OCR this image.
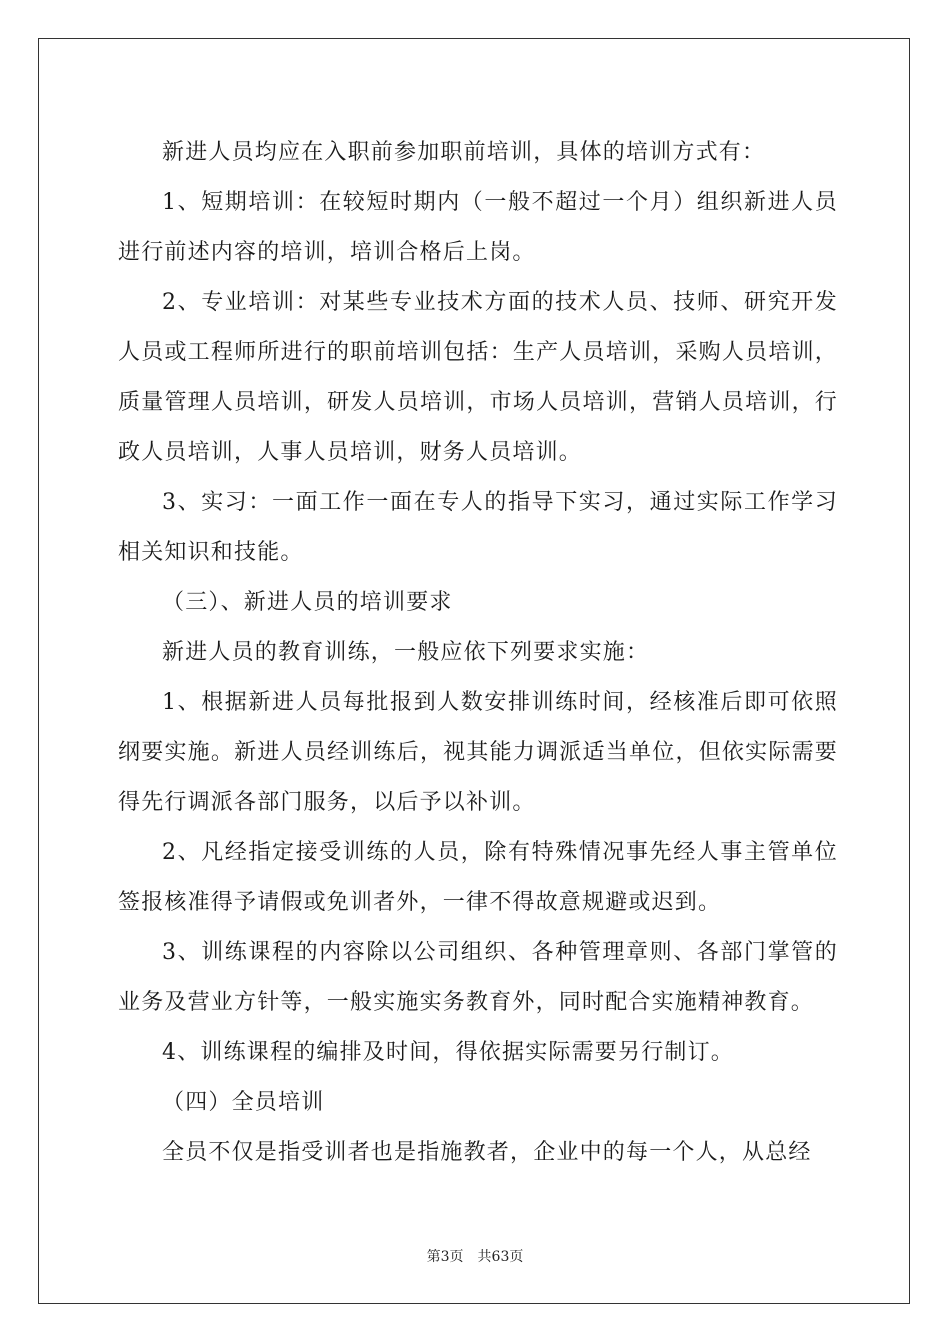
新进人员均应在入职前参加职前培训，具体的培训方式有：

1、短期培训：在较短时期内（一般不超过一个月）组织新进人员进行前述内容的培训，培训合格后上岗。

2、专业培训：对某些专业技术方面的技术人员、技师、研究开发人员或工程师所进行的职前培训包括：生产人员培训，采购人员培训，质量管理人员培训，研发人员培训，市场人员培训，营销人员培训，行政人员培训，人事人员培训，财务人员培训。

3、实习：一面工作一面在专人的指导下实习，通过实际工作学习相关知识和技能。

（三）、新进人员的培训要求

新进人员的教育训练，一般应依下列要求实施：

1、根据新进人员每批报到人数安排训练时间，经核准后即可依照纲要实施。新进人员经训练后，视其能力调派适当单位，但依实际需要得先行调派各部门服务，以后予以补训。

2、凡经指定接受训练的人员，除有特殊情况事先经人事主管单位签报核准得予请假或免训者外，一律不得故意规避或迟到。

3、训练课程的内容除以公司组织、各种管理章则、各部门掌管的业务及营业方针等，一般实施实务教育外，同时配合实施精神教育。

4、训练课程的编排及时间，得依据实际需要另行制订。

（四）全员培训

全员不仅是指受训者也是指施教者，企业中的每一个人，从总经

第3页 共63页
